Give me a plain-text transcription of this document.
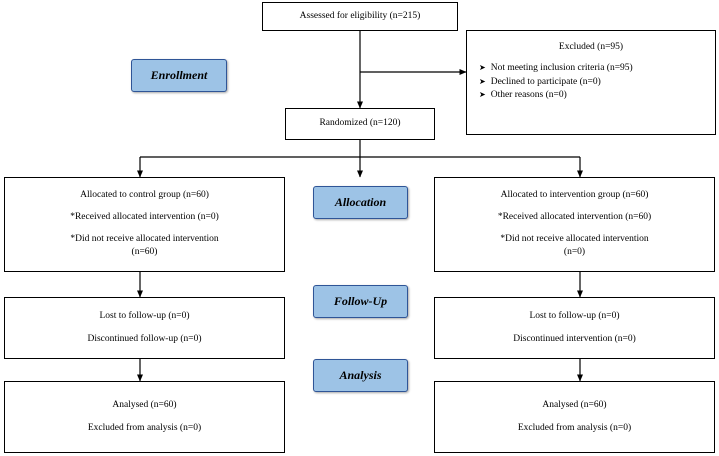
Assessed for eligibility (n=215)
Excluded (n=95)
➤ Not meeting inclusion criteria (n=95)
➤ Declined to participate (n=0)
➤ Other reasons (n=0)
Randomized (n=120)
Enrollment
Allocation
Follow-Up
Analysis
Allocated to control group (n=60)
*Received allocated intervention (n=0)
*Did not receive allocated intervention
(n=60)
Allocated to intervention group (n=60)
*Received allocated intervention (n=60)
*Did not receive allocated intervention
(n=0)
Lost to follow-up (n=0)
Discontinued follow-up (n=0)
Lost to follow-up (n=0)
Discontinued intervention (n=0)
Analysed (n=60)
Excluded from analysis (n=0)
Analysed (n=60)
Excluded from analysis (n=0)
